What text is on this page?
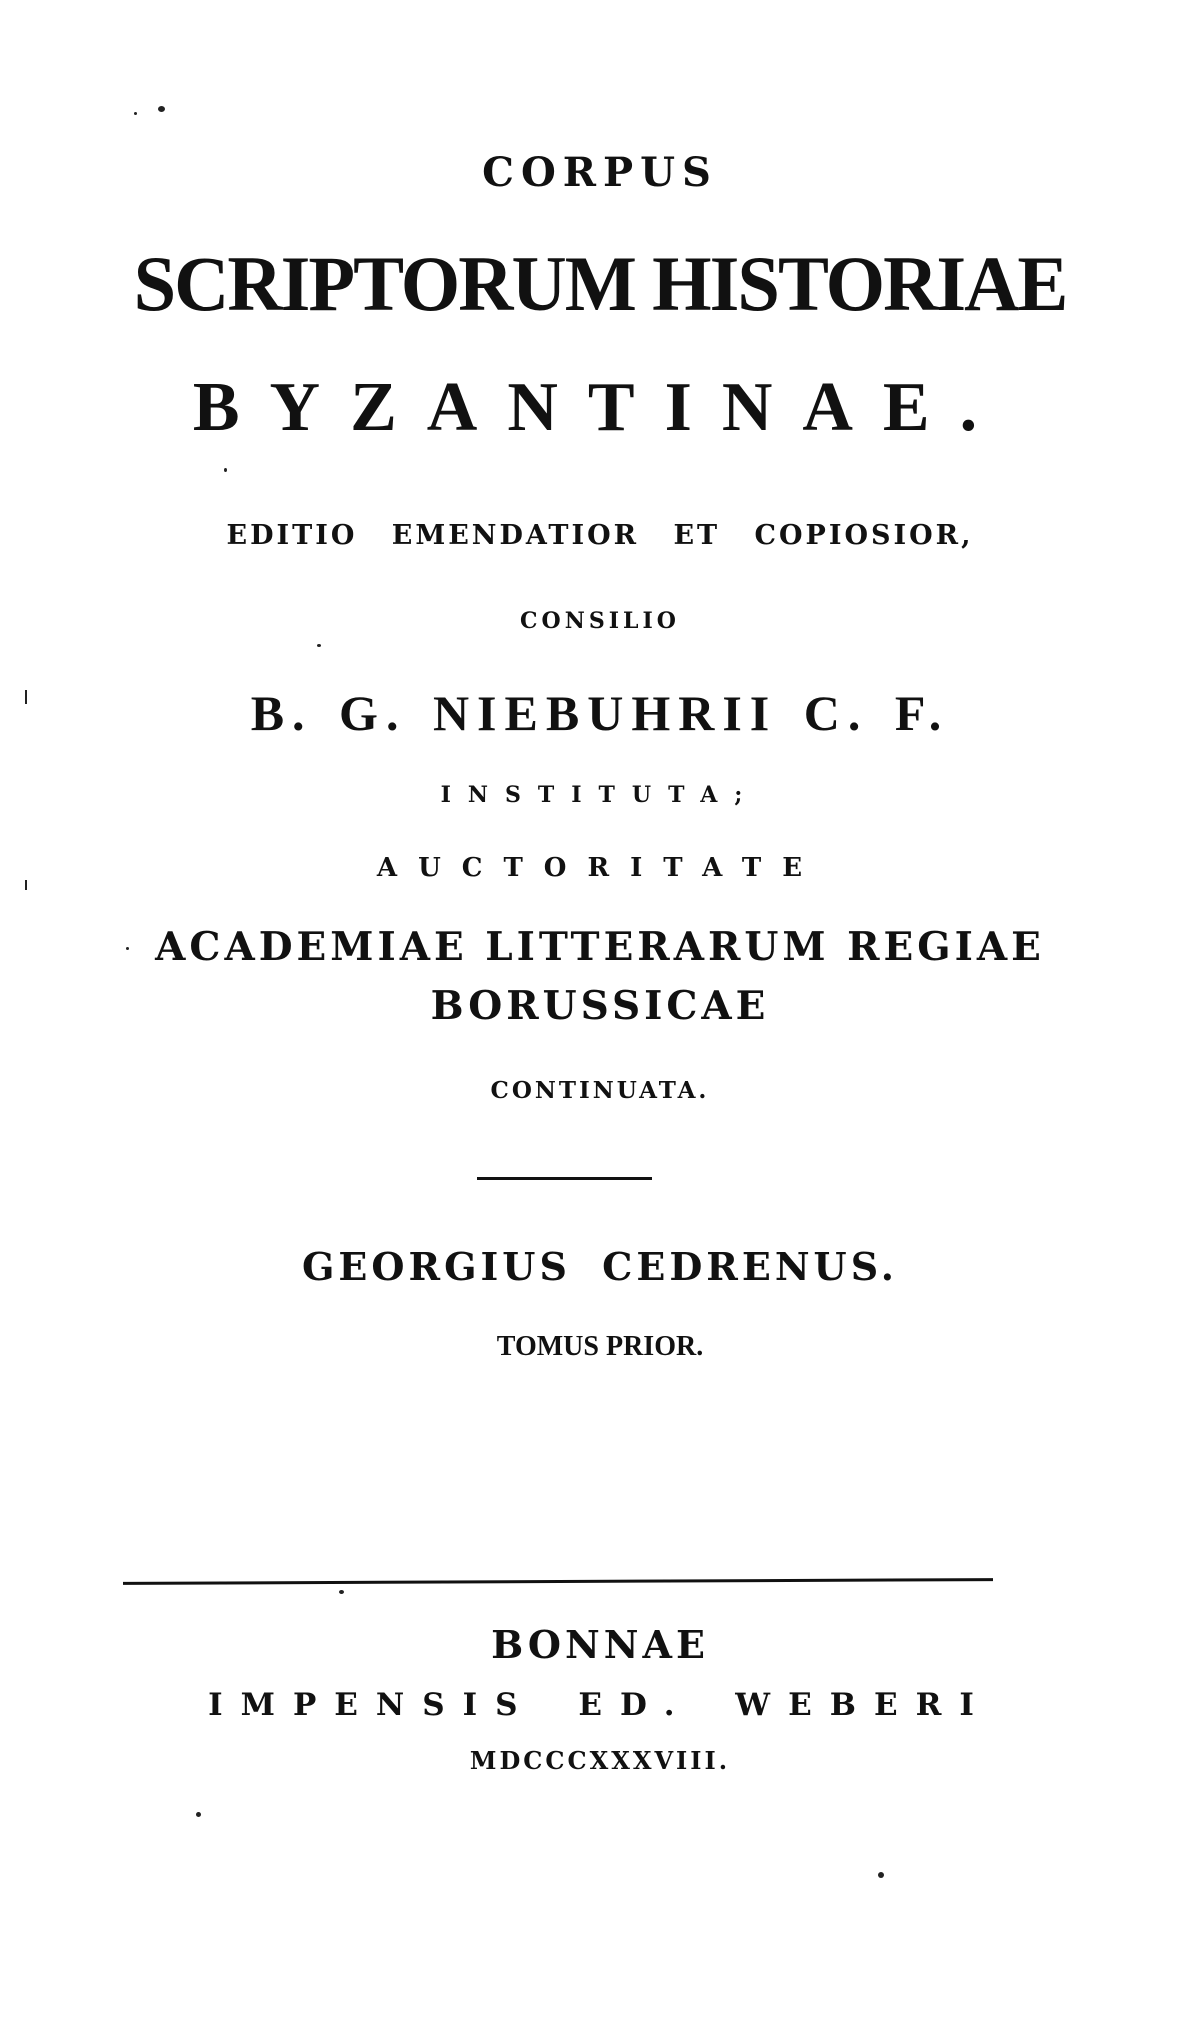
CORPUS
SCRIPTORUM HISTORIAE
BYZANTINAE.
EDITIO EMENDATIOR ET COPIOSIOR,
CONSILIO
B. G. NIEBUHRII C. F.
INSTITUTA;
AUCTORITATE
ACADEMIAE LITTERARUM REGIAE
BORUSSICAE
CONTINUATA.
GEORGIUS CEDRENUS.
TOMUS PRIOR.
BONNAE
IMPENSIS ED. WEBERI
MDCCCXXXVIII.
